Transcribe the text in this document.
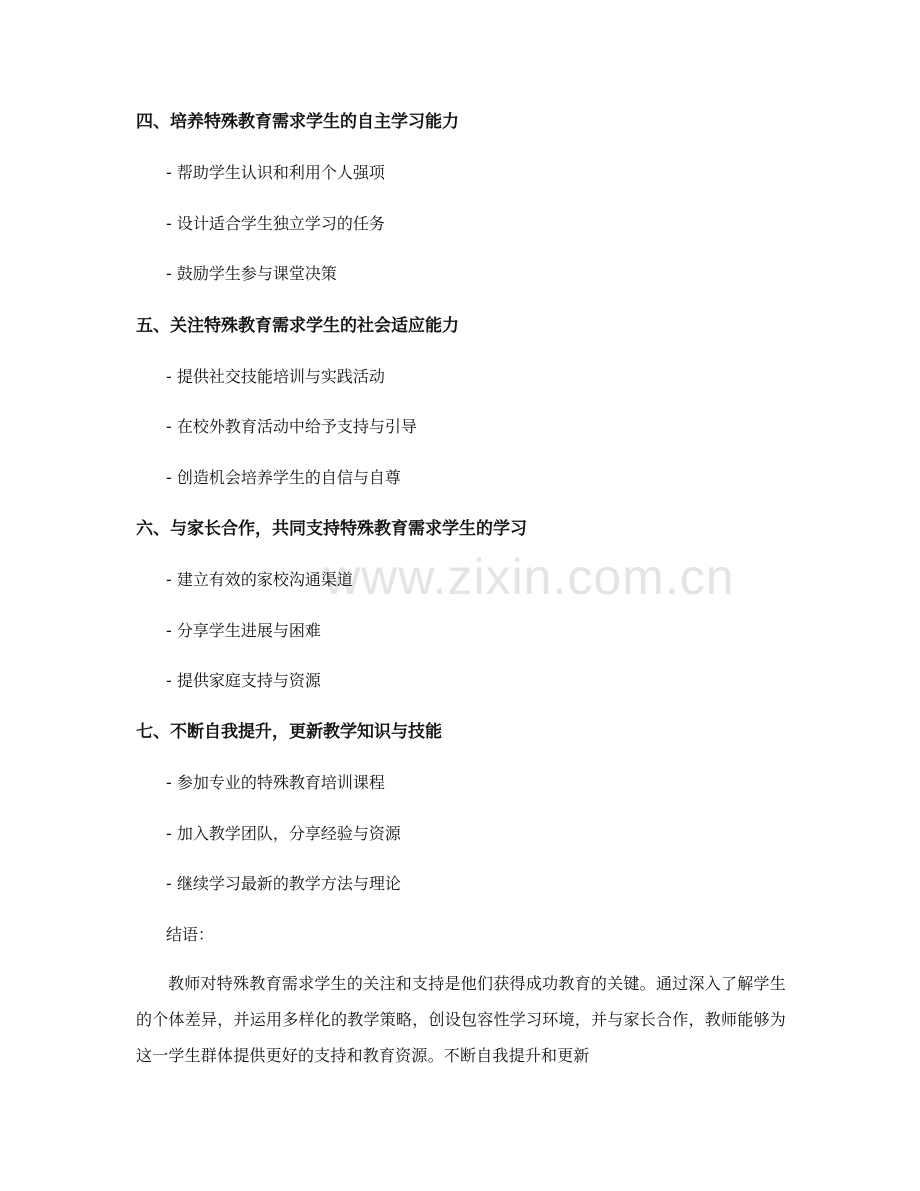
www.zixin.com.cn
四、培养特殊教育需求学生的自主学习能力
- 帮助学生认识和利用个人强项
- 设计适合学生独立学习的任务
- 鼓励学生参与课堂决策
五、关注特殊教育需求学生的社会适应能力
- 提供社交技能培训与实践活动
- 在校外教育活动中给予支持与引导
- 创造机会培养学生的自信与自尊
六、与家长合作，共同支持特殊教育需求学生的学习
- 建立有效的家校沟通渠道
- 分享学生进展与困难
- 提供家庭支持与资源
七、不断自我提升，更新教学知识与技能
- 参加专业的特殊教育培训课程
- 加入教学团队，分享经验与资源
- 继续学习最新的教学方法与理论
结语：
教师对特殊教育需求学生的关注和支持是他们获得成功教育的关键。通过深入了解学生的个体差异，并运用多样化的教学策略，创设包容性学习环境，并与家长合作，教师能够为这一学生群体提供更好的支持和教育资源。不断自我提升和更新
